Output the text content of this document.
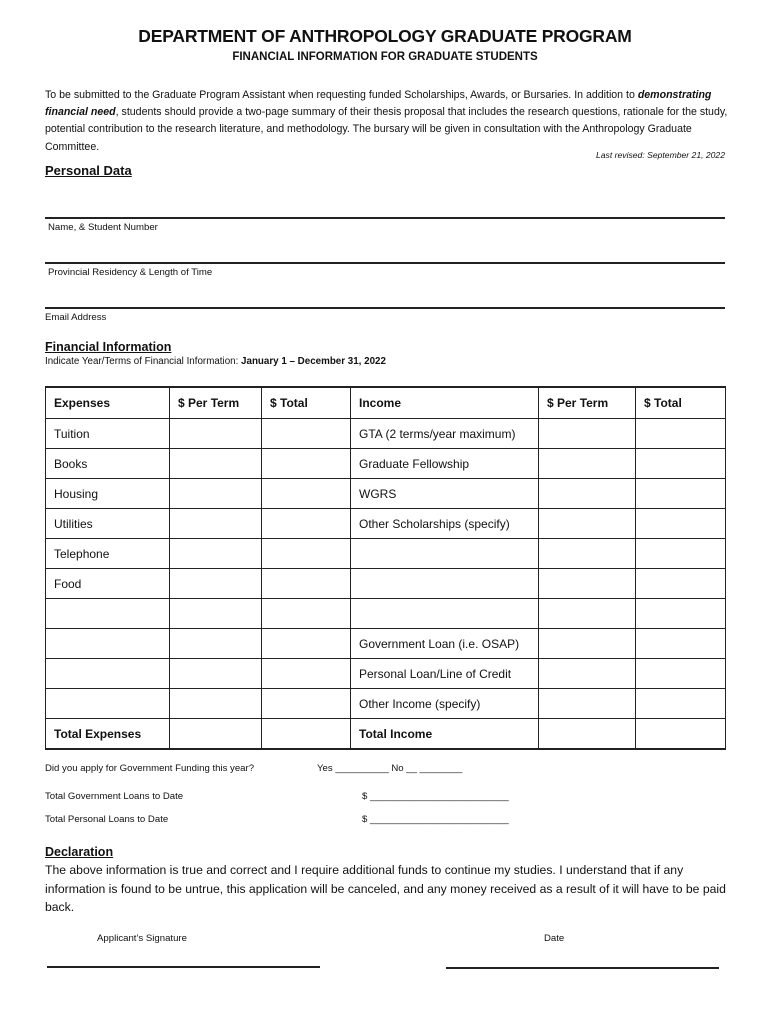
DEPARTMENT OF ANTHROPOLOGY GRADUATE PROGRAM
FINANCIAL INFORMATION FOR GRADUATE STUDENTS
To be submitted to the Graduate Program Assistant when requesting funded Scholarships, Awards, or Bursaries. In addition to demonstrating financial need, students should provide a two-page summary of their thesis proposal that includes the research questions, rationale for the study, potential contribution to the research literature, and methodology. The bursary will be given in consultation with the Anthropology Graduate Committee.
Last revised: September 21, 2022
Personal Data
Name, & Student Number
Provincial Residency & Length of Time
Email Address
Financial Information
Indicate Year/Terms of Financial Information: January 1 – December 31, 2022
Expenses	$ Per Term	$ Total	Income	$ Per Term	$ Total
Tuition			GTA (2 terms/year maximum)		
Books			Graduate Fellowship		
Housing			WGRS		
Utilities			Other Scholarships (specify)		
Telephone					
Food					

			Government Loan (i.e. OSAP)		
			Personal Loan/Line of Credit		
			Other Income (specify)		
Total Expenses			Total Income		
Did you apply for Government Funding this year?	Yes __________ No __ ________
Total Government Loans to Date	$ __________________________
Total Personal Loans to Date	$ __________________________
Declaration
The above information is true and correct and I require additional funds to continue my studies. I understand that if any information is found to be untrue, this application will be canceled, and any money received as a result of it will have to be paid back.
Applicant’s Signature	Date
